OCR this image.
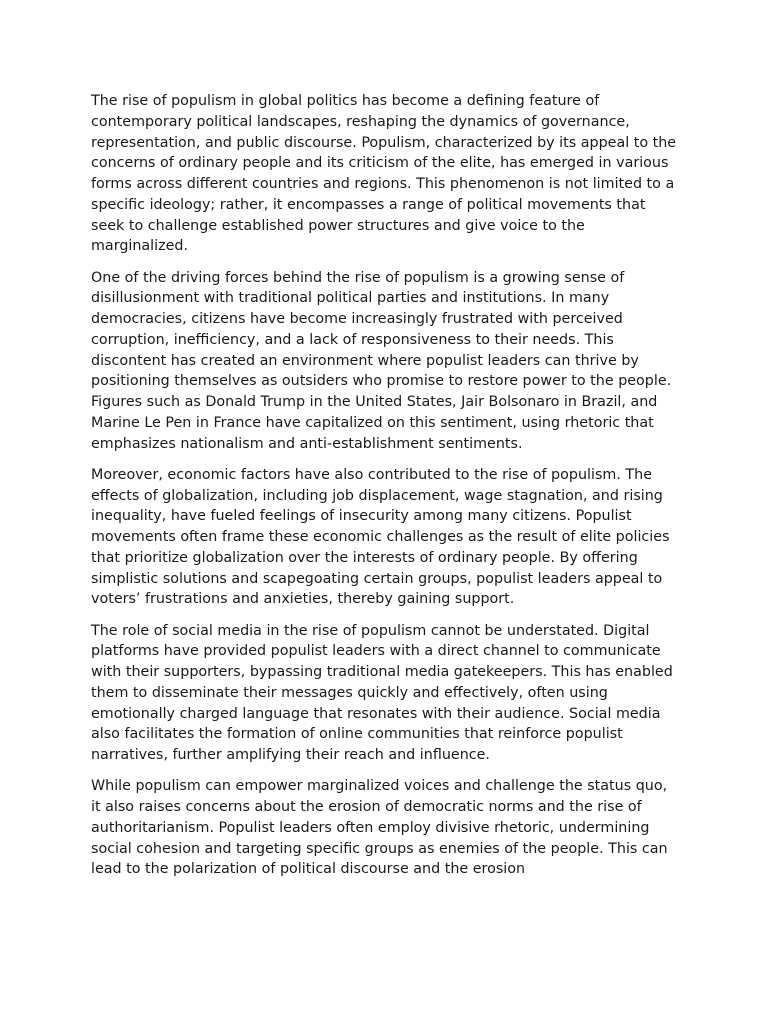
The rise of populism in global politics has become a defining feature of contemporary political landscapes, reshaping the dynamics of governance, representation, and public discourse. Populism, characterized by its appeal to the concerns of ordinary people and its criticism of the elite, has emerged in various forms across different countries and regions. This phenomenon is not limited to a specific ideology; rather, it encompasses a range of political movements that seek to challenge established power structures and give voice to the marginalized.

One of the driving forces behind the rise of populism is a growing sense of disillusionment with traditional political parties and institutions. In many democracies, citizens have become increasingly frustrated with perceived corruption, inefficiency, and a lack of responsiveness to their needs. This discontent has created an environment where populist leaders can thrive by positioning themselves as outsiders who promise to restore power to the people. Figures such as Donald Trump in the United States, Jair Bolsonaro in Brazil, and Marine Le Pen in France have capitalized on this sentiment, using rhetoric that emphasizes nationalism and anti-establishment sentiments.

Moreover, economic factors have also contributed to the rise of populism. The effects of globalization, including job displacement, wage stagnation, and rising inequality, have fueled feelings of insecurity among many citizens. Populist movements often frame these economic challenges as the result of elite policies that prioritize globalization over the interests of ordinary people. By offering simplistic solutions and scapegoating certain groups, populist leaders appeal to voters’ frustrations and anxieties, thereby gaining support.

The role of social media in the rise of populism cannot be understated. Digital platforms have provided populist leaders with a direct channel to communicate with their supporters, bypassing traditional media gatekeepers. This has enabled them to disseminate their messages quickly and effectively, often using emotionally charged language that resonates with their audience. Social media also facilitates the formation of online communities that reinforce populist narratives, further amplifying their reach and influence.

While populism can empower marginalized voices and challenge the status quo, it also raises concerns about the erosion of democratic norms and the rise of authoritarianism. Populist leaders often employ divisive rhetoric, undermining social cohesion and targeting specific groups as enemies of the people. This can lead to the polarization of political discourse and the erosion
